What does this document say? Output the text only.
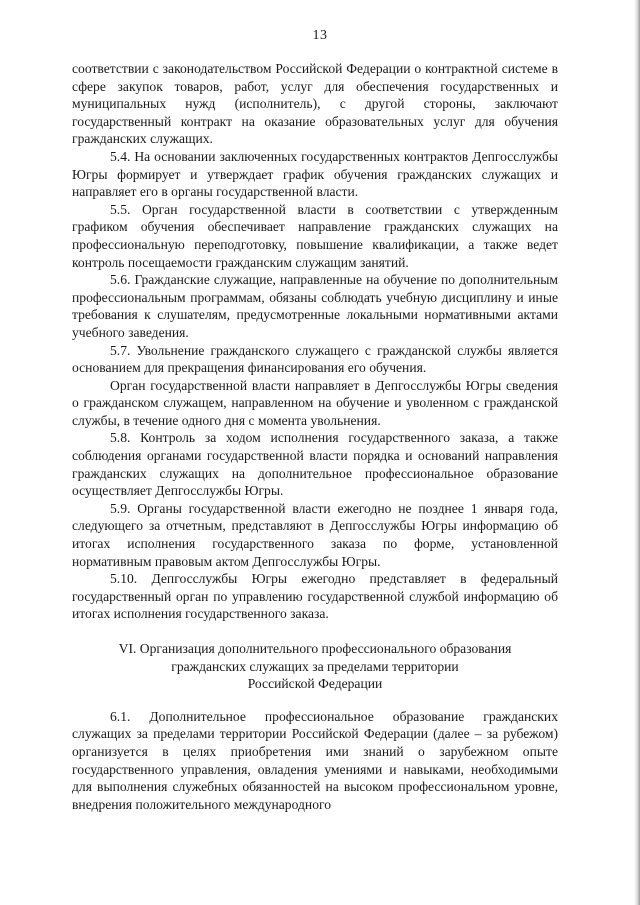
13

соответствии с законодательством Российской Федерации о контрактной системе в сфере закупок товаров, работ, услуг для обеспечения государственных и муниципальных нужд (исполнитель), с другой стороны, заключают государственный контракт на оказание образовательных услуг для обучения гражданских служащих.

5.4. На основании заключенных государственных контрактов Депгосслужбы Югры формирует и утверждает график обучения гражданских служащих и направляет его в органы государственной власти.

5.5. Орган государственной власти в соответствии с утвержденным графиком обучения обеспечивает направление гражданских служащих на профессиональную переподготовку, повышение квалификации, а также ведет контроль посещаемости гражданским служащим занятий.

5.6. Гражданские служащие, направленные на обучение по дополнительным профессиональным программам, обязаны соблюдать учебную дисциплину и иные требования к слушателям, предусмотренные локальными нормативными актами учебного заведения.

5.7. Увольнение гражданского служащего с гражданской службы является основанием для прекращения финансирования его обучения.

Орган государственной власти направляет в Депгосслужбы Югры сведения о гражданском служащем, направленном на обучение и уволенном с гражданской службы, в течение одного дня с момента увольнения.

5.8. Контроль за ходом исполнения государственного заказа, а также соблюдения органами государственной власти порядка и оснований направления гражданских служащих на дополнительное профессиональное образование осуществляет Депгосслужбы Югры.

5.9. Органы государственной власти ежегодно не позднее 1 января года, следующего за отчетным, представляют в Депгосслужбы Югры информацию об итогах исполнения государственного заказа по форме, установленной нормативным правовым актом Депгосслужбы Югры.

5.10. Депгосслужбы Югры ежегодно представляет в федеральный государственный орган по управлению государственной службой информацию об итогах исполнения государственного заказа.

VI. Организация дополнительного профессионального образования
гражданских служащих за пределами территории
Российской Федерации

6.1. Дополнительное профессиональное образование гражданских служащих за пределами территории Российской Федерации (далее – за рубежом) организуется в целях приобретения ими знаний о зарубежном опыте государственного управления, овладения умениями и навыками, необходимыми для выполнения служебных обязанностей на высоком профессиональном уровне, внедрения положительного международного
